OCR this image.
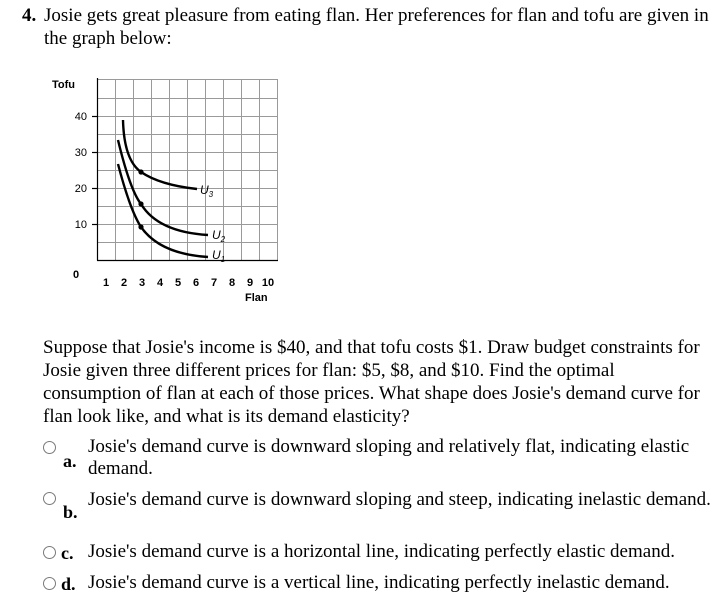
4. Josie gets great pleasure from eating flan. Her preferences for flan and tofu are given in the graph below:
Tofu
Flan
0
10
20
30
40
1 2 3 4 5 6 7 8 9 10
$U_3$
$U_2$
$U_1$
Suppose that Josie's income is $40, and that tofu costs $1. Draw budget constraints for Josie given three different prices for flan: $5, $8, and $10. Find the optimal consumption of flan at each of those prices. What shape does Josie's demand curve for flan look like, and what is its demand elasticity?
a.
Josie's demand curve is downward sloping and relatively flat, indicating elastic demand.
b.
Josie's demand curve is downward sloping and steep, indicating inelastic demand.
c. Josie's demand curve is a horizontal line, indicating perfectly elastic demand.
d. Josie's demand curve is a vertical line, indicating perfectly inelastic demand.
